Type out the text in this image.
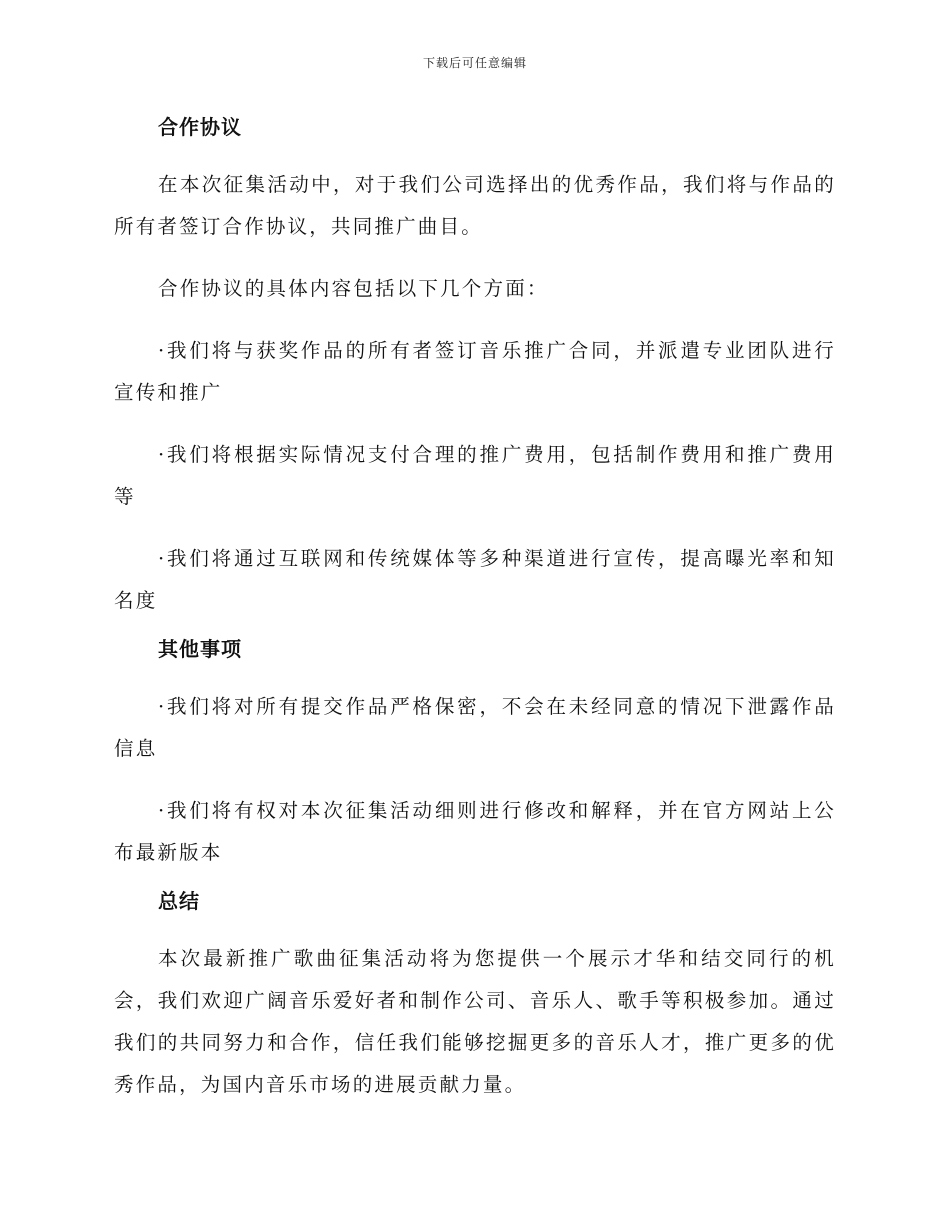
下载后可任意编辑
合作协议

在本次征集活动中，对于我们公司选择出的优秀作品，我们将与作品的所有者签订合作协议，共同推广曲目。

合作协议的具体内容包括以下几个方面：

·我们将与获奖作品的所有者签订音乐推广合同，并派遣专业团队进行宣传和推广

·我们将根据实际情况支付合理的推广费用，包括制作费用和推广费用等

·我们将通过互联网和传统媒体等多种渠道进行宣传，提高曝光率和知名度

其他事项

·我们将对所有提交作品严格保密，不会在未经同意的情况下泄露作品信息

·我们将有权对本次征集活动细则进行修改和解释，并在官方网站上公布最新版本

总结

本次最新推广歌曲征集活动将为您提供一个展示才华和结交同行的机会，我们欢迎广阔音乐爱好者和制作公司、音乐人、歌手等积极参加。通过我们的共同努力和合作，信任我们能够挖掘更多的音乐人才，推广更多的优秀作品，为国内音乐市场的进展贡献力量。
